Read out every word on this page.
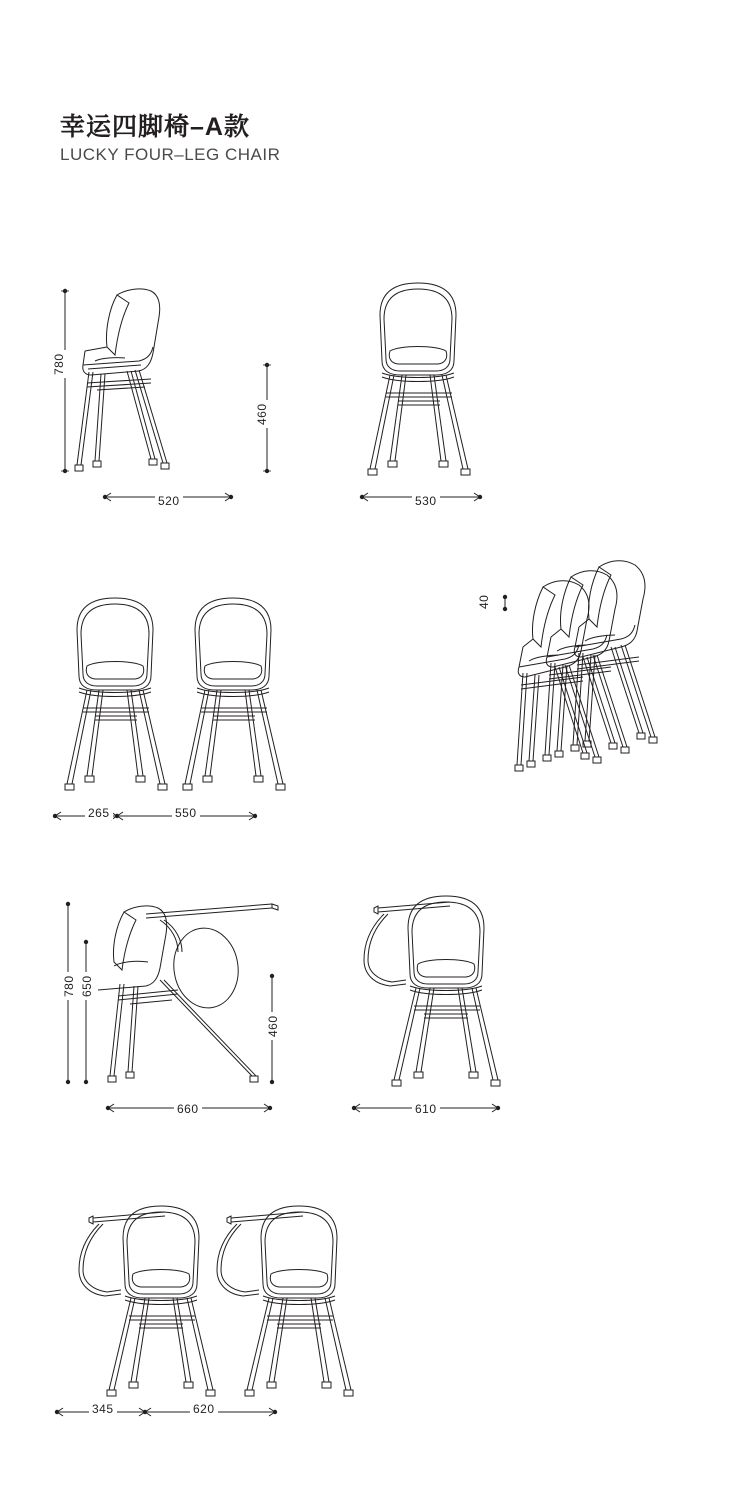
幸运四脚椅–A款
LUCKY FOUR–LEG CHAIR
780
460
520	530
265	550
40
780 650
460
660	610
345	620
